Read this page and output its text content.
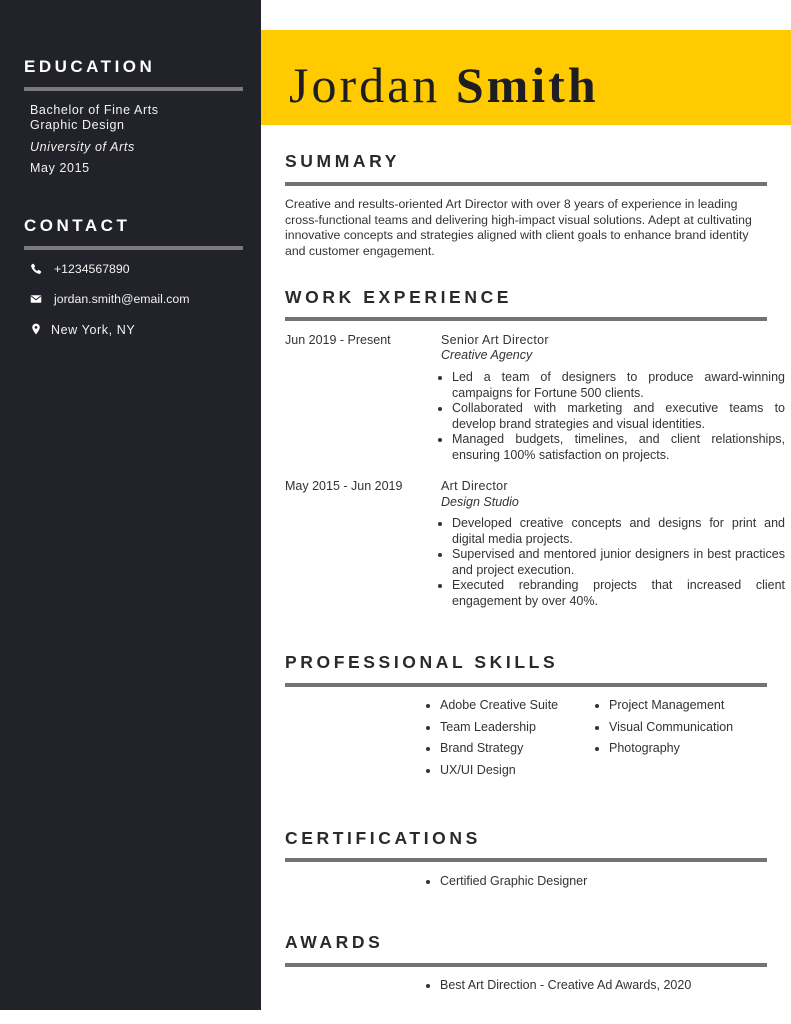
EDUCATION
Bachelor of Fine Arts
Graphic Design
University of Arts
May 2015
CONTACT
+1234567890
jordan.smith@email.com
New York, NY
Jordan Smith
SUMMARY
Creative and results-oriented Art Director with over 8 years of experience in leading cross-functional teams and delivering high-impact visual solutions. Adept at cultivating innovative concepts and strategies aligned with client goals to enhance brand identity and customer engagement.
WORK EXPERIENCE
Jun 2019 - Present	Senior Art Director
Creative Agency
• Led a team of designers to produce award-winning campaigns for Fortune 500 clients.
• Collaborated with marketing and executive teams to develop brand strategies and visual identities.
• Managed budgets, timelines, and client relationships, ensuring 100% satisfaction on projects.
May 2015 - Jun 2019	Art Director
Design Studio
• Developed creative concepts and designs for print and digital media projects.
• Supervised and mentored junior designers in best practices and project execution.
• Executed rebranding projects that increased client engagement by over 40%.
PROFESSIONAL SKILLS
• Adobe Creative Suite
• Team Leadership
• Brand Strategy
• UX/UI Design
• Project Management
• Visual Communication
• Photography
CERTIFICATIONS
• Certified Graphic Designer
AWARDS
• Best Art Direction - Creative Ad Awards, 2020
